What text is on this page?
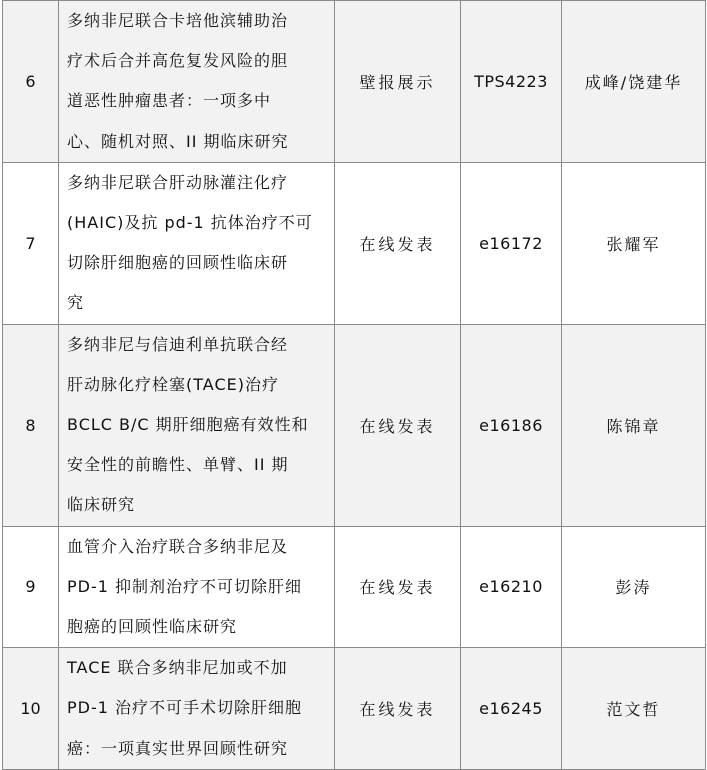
6	多纳非尼联合卡培他滨辅助治
疗术后合并高危复发风险的胆
道恶性肿瘤患者：一项多中
心、随机对照、II 期临床研究	壁报展示	TPS4223	成峰/饶建华
7	多纳非尼联合肝动脉灌注化疗
(HAIC)及抗 pd-1 抗体治疗不可
切除肝细胞癌的回顾性临床研
究	在线发表	e16172	张耀军
8	多纳非尼与信迪利单抗联合经
肝动脉化疗栓塞(TACE)治疗
BCLC B/C 期肝细胞癌有效性和
安全性的前瞻性、单臂、II 期
临床研究	在线发表	e16186	陈锦章
9	血管介入治疗联合多纳非尼及
PD-1 抑制剂治疗不可切除肝细
胞癌的回顾性临床研究	在线发表	e16210	彭涛
10	TACE 联合多纳非尼加或不加
PD-1 治疗不可手术切除肝细胞
癌：一项真实世界回顾性研究	在线发表	e16245	范文哲
